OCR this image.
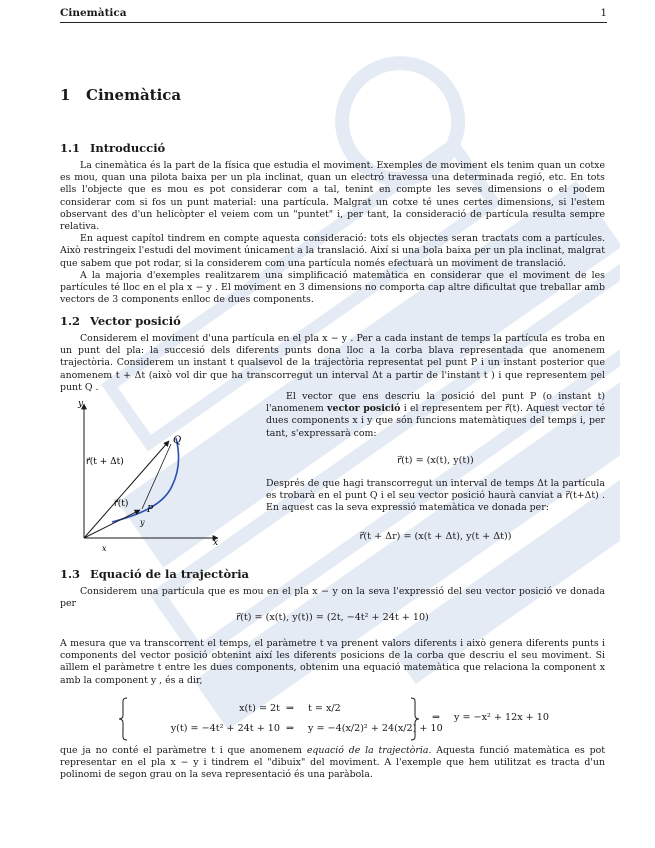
Cinemàtica	1
1 Cinemàtica
1.1 Introducció

La cinemàtica és la part de la física que estudia el moviment. Exemples de moviment els tenim quan un cotxe es mou, quan una pilota baixa per un pla inclinat, quan un electró travessa una determinada regió, etc. En tots ells l'objecte que es mou es pot considerar com a tal, tenint en compte les seves dimensions o el podem considerar com si fos un punt material: una partícula. Malgrat un cotxe té unes certes dimensions, si l'estem observant des d'un helicòpter el veiem com un "puntet" i, per tant, la consideració de partícula resulta sempre relativa.

En aquest capítol tindrem en compte aquesta consideració: tots els objectes seran tractats com a partícules. Això restringeix l'estudi del moviment únicament a la translació. Així si una bola baixa per un pla inclinat, malgrat que sabem que pot rodar, si la considerem com una partícula només efectuarà un moviment de translació.

A la majoria d'exemples realitzarem una simplificació matemàtica en considerar que el moviment de les partícules té lloc en el pla x − y . El moviment en 3 dimensions no comporta cap altre dificultat que treballar amb vectors de 3 components enlloc de dues components.

1.2 Vector posició

Considerem el moviment d'una partícula en el pla x − y . Per a cada instant de temps la partícula es troba en un punt del pla: la succesió dels diferents punts dona lloc a la corba blava representada que anomenem trajectòria. Considerem un instant t qualsevol de la trajectòria representat pel punt P i un instant posterior que anomenem t + Δt (això vol dir que ha transcorregut un interval Δt a partir de l'instant t ) i que representem pel punt Q .

y
x
x
Q
P
y
r⃗(t + Δt)
r⃗(t)

El vector que ens descriu la posició del punt P (o instant t) l'anomenem vector posició i el representem per r⃗(t). Aquest vector té dues components x i y que són funcions matemàtiques del temps i, per tant, s'expressarà com:

r⃗(t) = (x(t), y(t))

Després de que hagi transcorregut un interval de temps Δt la partícula es trobarà en el punt Q i el seu vector posició haurà canviat a r⃗(t+Δt) . En aquest cas la seva expressió matemàtica ve donada per:

r⃗(t + Δr) = (x(t + Δt), y(t + Δt))
1.3 Equació de la trajectòria

Considerem una partícula que es mou en el pla x − y on la seva l'expressió del seu vector posició ve donada per

r⃗(t) = (x(t), y(t)) = (2t, −4t² + 24t + 10)

A mesura que va transcorrent el temps, el paràmetre t va prenent valors diferents i això genera diferents punts i components del vector posició obtenint així les diferents posicions de la corba que descriu el seu moviment. Si aïllem el paràmetre t entre les dues components, obtenim una equació matemàtica que relaciona la component x amb la component y , és a dir,

x(t) = 2t
y(t) = −4t² + 24t + 10
⇒
⇒
t = x/2
y = −4(x/2)² + 24(x/2) + 10
⇒ y = −x² + 12x + 10

que ja no conté el paràmetre t i que anomenem equació de la trajectòria. Aquesta funció matemàtica es pot representar en el pla x − y i tindrem el "dibuix" del moviment. A l'exemple que hem utilitzat es tracta d'un polinomi de segon grau on la seva representació és una paràbola.
